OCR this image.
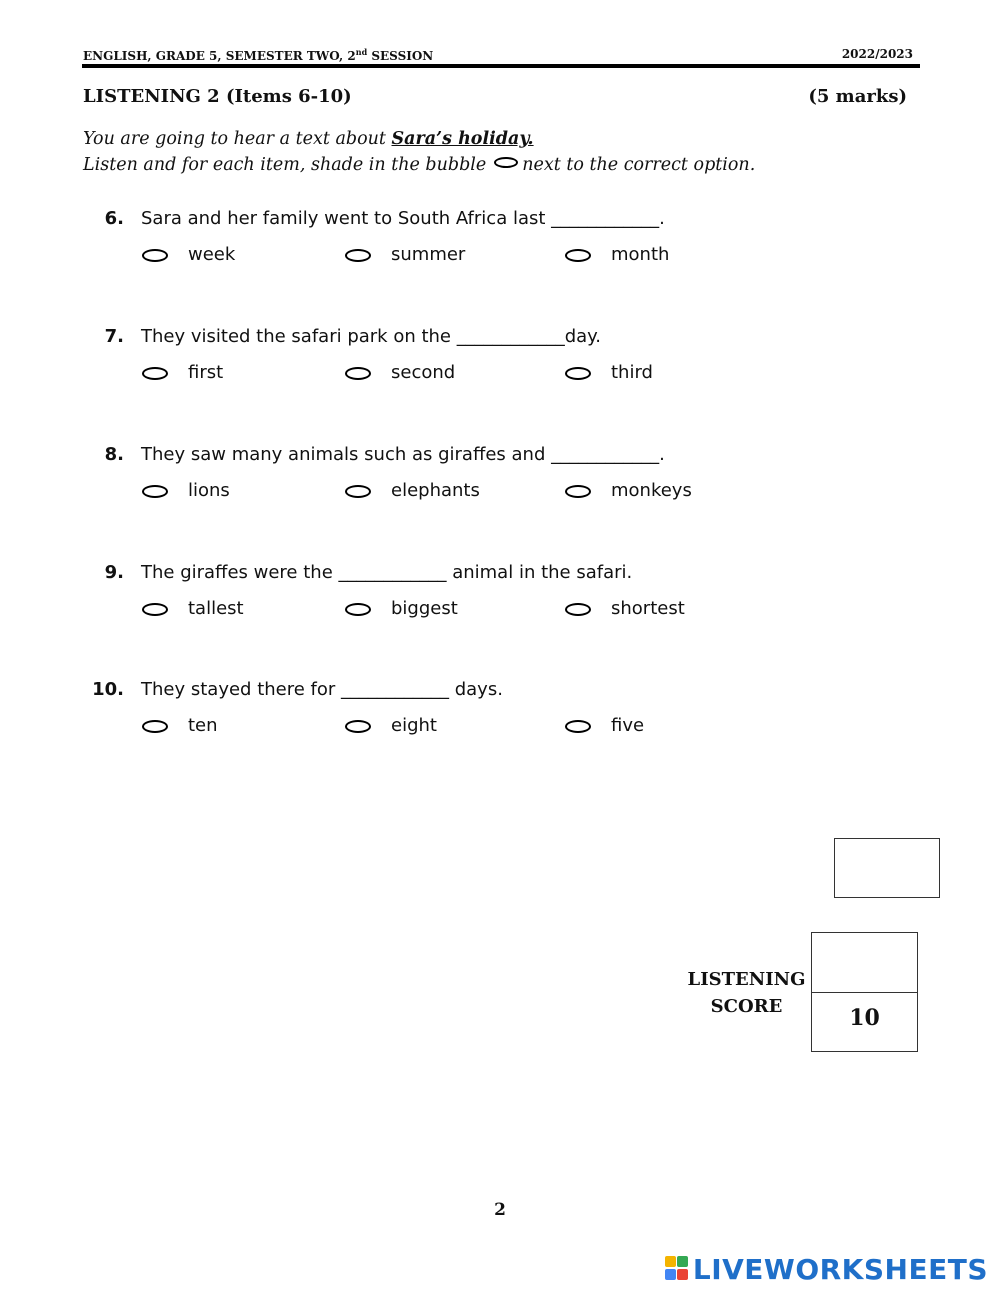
ENGLISH, GRADE 5, SEMESTER TWO, 2nd SESSION	2022/2023
LISTENING 2 (Items 6-10)	(5 marks)
You are going to hear a text about Sara’s holiday.
Listen and for each item, shade in the bubble next to the correct option.
6. Sara and her family went to South Africa last ____________.
week	summer	month
7. They visited the safari park on the ____________day.
first	second	third
8. They saw many animals such as giraffes and ____________.
lions	elephants	monkeys
9. The giraffes were the ____________ animal in the safari.
tallest	biggest	shortest
10. They stayed there for ____________ days.
ten	eight	five
LISTENING
SCORE	10
2
LIVEWORKSHEETS
